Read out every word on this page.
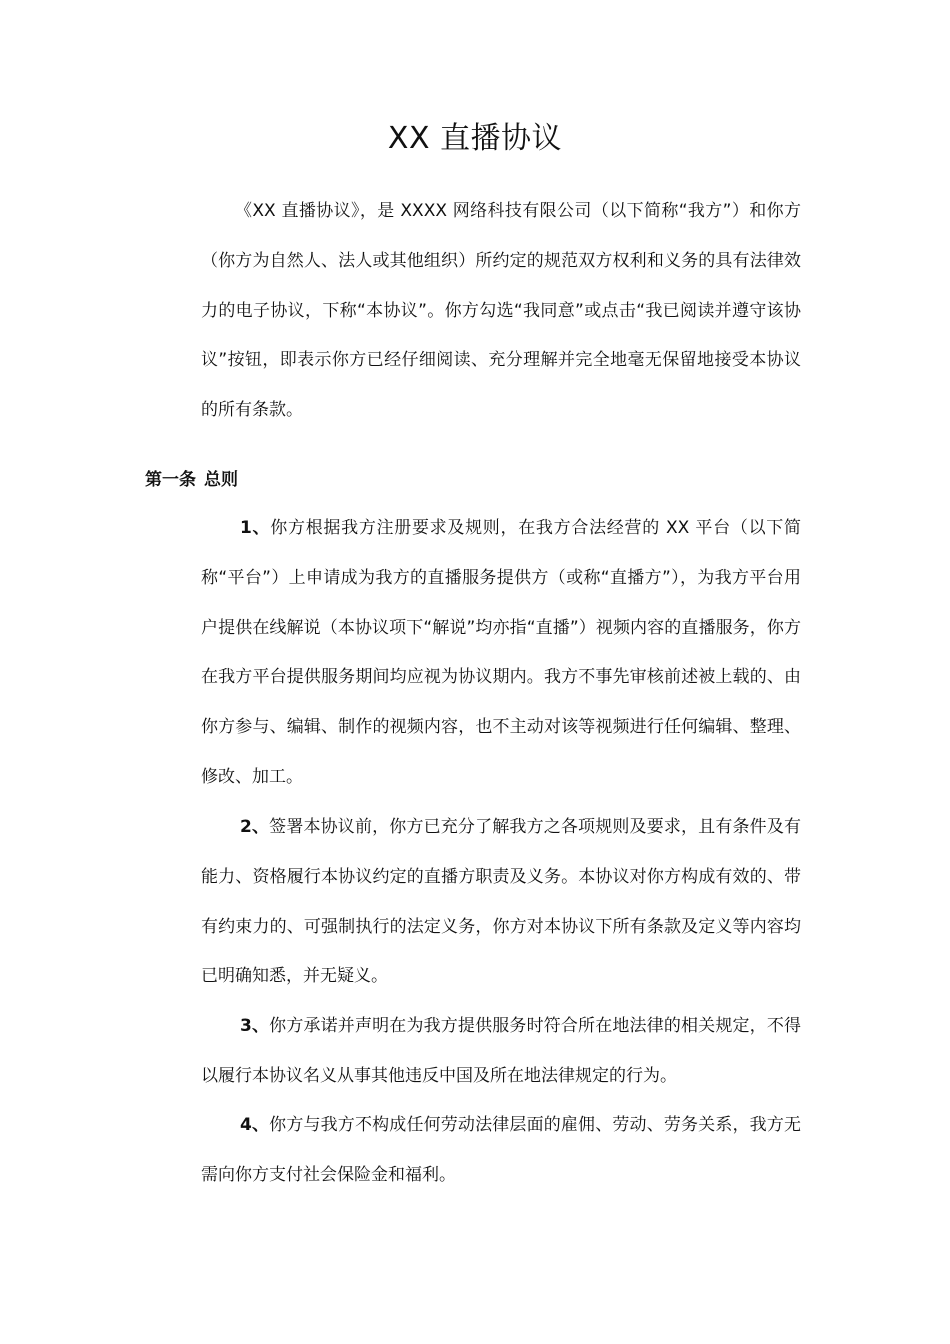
XX 直播协议

《XX 直播协议》，是 XXXX 网络科技有限公司（以下简称“我方”）和你方（你方为自然人、法人或其他组织）所约定的规范双方权利和义务的具有法律效力的电子协议，下称“本协议”。你方勾选“我同意”或点击“我已阅读并遵守该协议”按钮，即表示你方已经仔细阅读、充分理解并完全地毫无保留地接受本协议的所有条款。

第一条 总则

1、你方根据我方注册要求及规则，在我方合法经营的 XX 平台（以下简称“平台”）上申请成为我方的直播服务提供方（或称“直播方”），为我方平台用户提供在线解说（本协议项下“解说”均亦指“直播”）视频内容的直播服务，你方在我方平台提供服务期间均应视为协议期内。我方不事先审核前述被上载的、由你方参与、编辑、制作的视频内容，也不主动对该等视频进行任何编辑、整理、修改、加工。

2、签署本协议前，你方已充分了解我方之各项规则及要求，且有条件及有能力、资格履行本协议约定的直播方职责及义务。本协议对你方构成有效的、带有约束力的、可强制执行的法定义务，你方对本协议下所有条款及定义等内容均已明确知悉，并无疑义。

3、你方承诺并声明在为我方提供服务时符合所在地法律的相关规定，不得以履行本协议名义从事其他违反中国及所在地法律规定的行为。

4、你方与我方不构成任何劳动法律层面的雇佣、劳动、劳务关系，我方无需向你方支付社会保险金和福利。
